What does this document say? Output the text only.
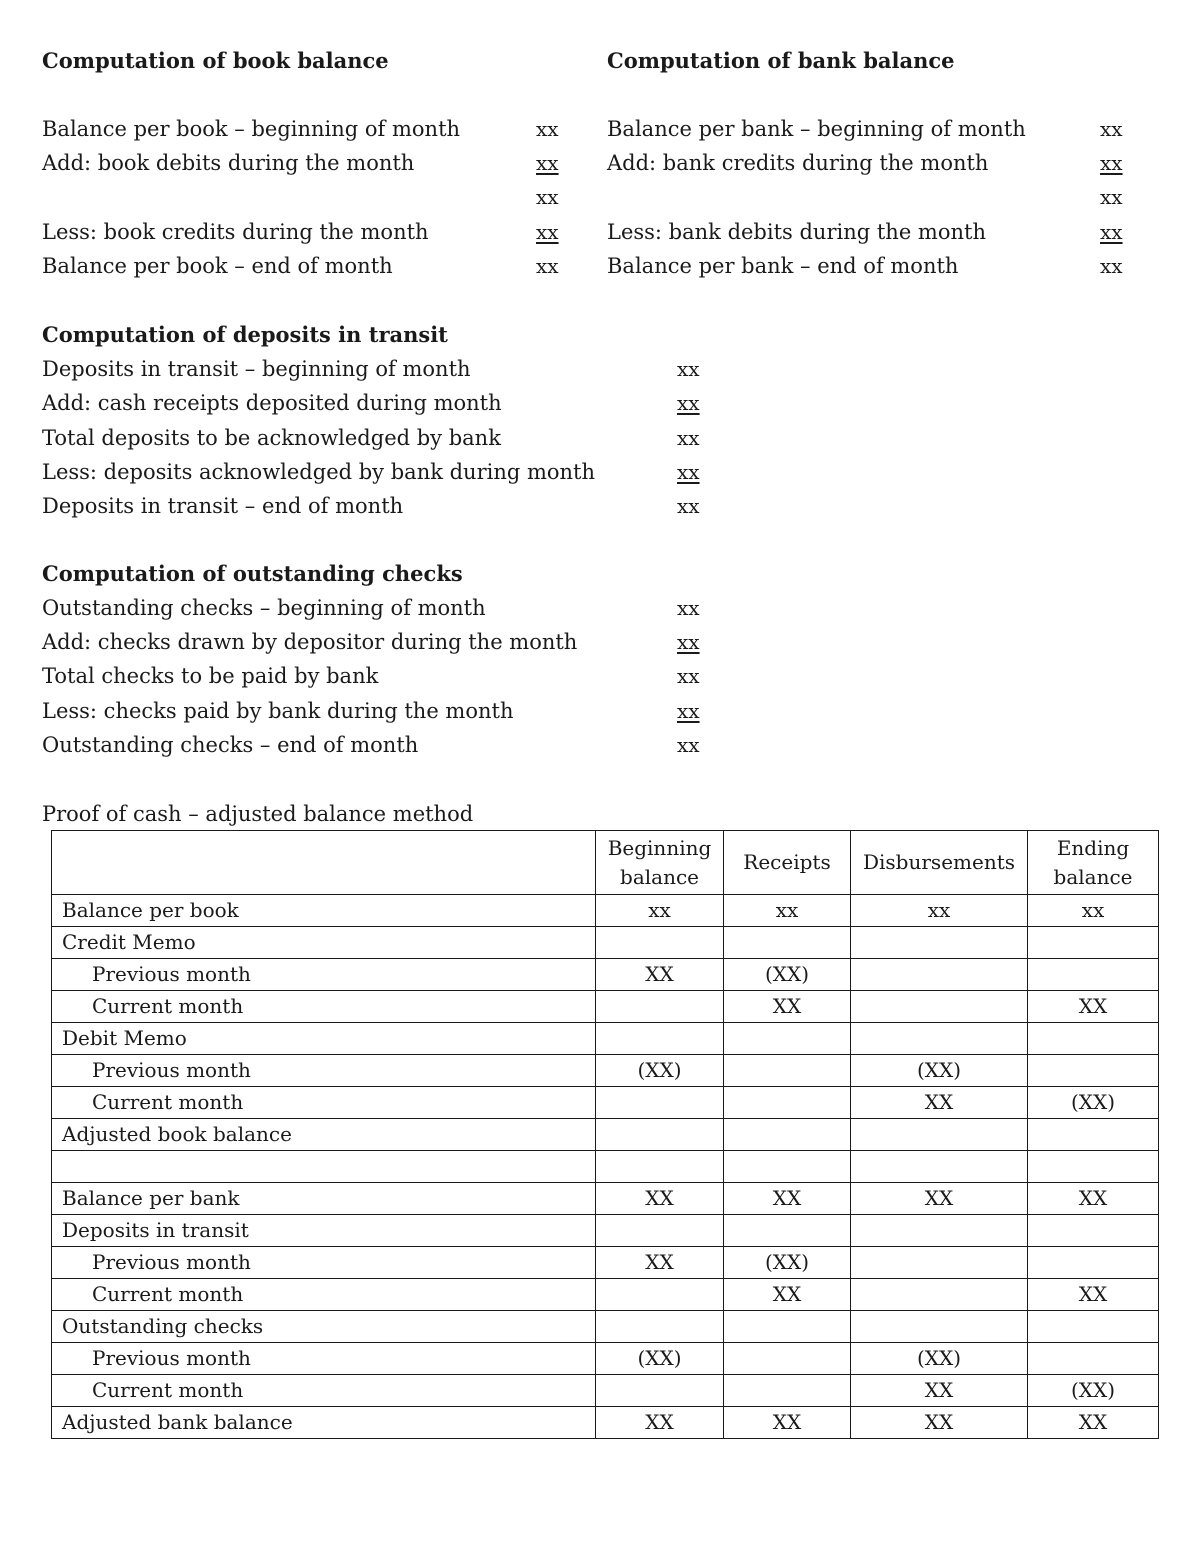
Computation of book balance
Balance per book – beginning of month	xx
Add: book debits during the month	xx
xx
Less: book credits during the month	xx
Balance per book – end of month	xx
Computation of bank balance
Balance per bank – beginning of month	xx
Add: bank credits during the month	xx
xx
Less: bank debits during the month	xx
Balance per bank – end of month	xx
Computation of deposits in transit
Deposits in transit – beginning of month	xx
Add: cash receipts deposited during month	xx
Total deposits to be acknowledged by bank	xx
Less: deposits acknowledged by bank during month	xx
Deposits in transit – end of month	xx
Computation of outstanding checks
Outstanding checks – beginning of month	xx
Add: checks drawn by depositor during the month	xx
Total checks to be paid by bank	xx
Less: checks paid by bank during the month	xx
Outstanding checks – end of month	xx
Proof of cash – adjusted balance method
	Beginning balance	Receipts	Disbursements	Ending balance
Balance per book	xx	xx	xx	xx
Credit Memo				
Previous month	XX	(XX)		
Current month		XX		XX
Debit Memo				
Previous month	(XX)		(XX)	
Current month			XX	(XX)
Adjusted book balance				

Balance per bank	XX	XX	XX	XX
Deposits in transit				
Previous month	XX	(XX)		
Current month		XX		XX
Outstanding checks				
Previous month	(XX)		(XX)	
Current month			XX	(XX)
Adjusted bank balance	XX	XX	XX	XX
